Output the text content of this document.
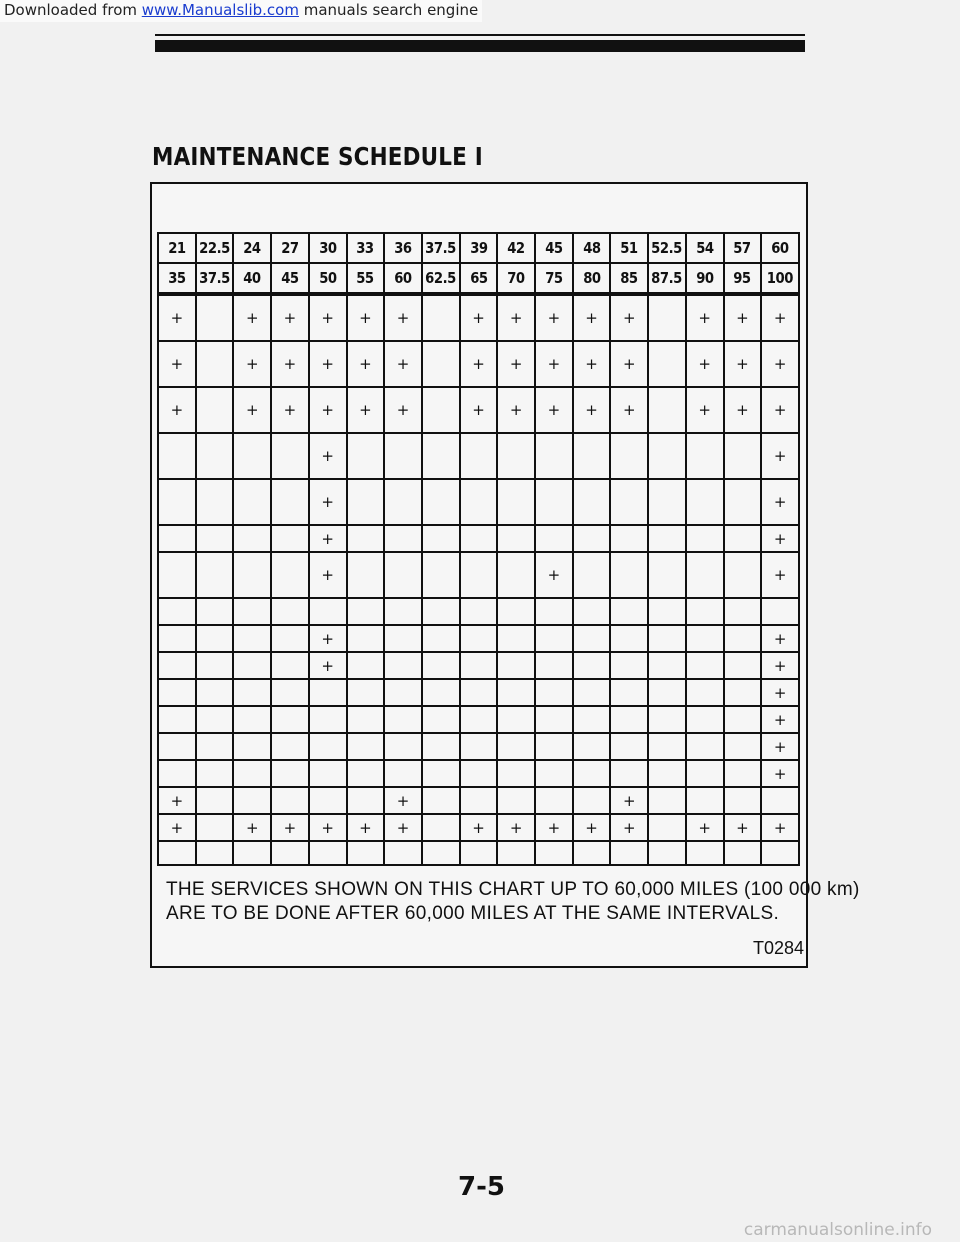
Downloaded from www.Manualslib.com manuals search engine
MAINTENANCE SCHEDULE I
21	22.5	24	27	30	33	36	37.5	39	42	45	48	51	52.5	54	57	60
35	37.5	40	45	50	55	60	62.5	65	70	75	80	85	87.5	90	95	100
+		+	+	+	+	+		+	+	+	+	+		+	+	+
+		+	+	+	+	+		+	+	+	+	+		+	+	+
+		+	+	+	+	+		+	+	+	+	+		+	+	+
				+												+
				+												+
				+												+
				+						+						+

				+												+
				+												+
																+
																+
																+
																+
+						+						+				
+		+	+	+	+	+		+	+	+	+	+		+	+	+

THE SERVICES SHOWN ON THIS CHART UP TO 60,000 MILES (100 000 km)
ARE TO BE DONE AFTER 60,000 MILES AT THE SAME INTERVALS.
T0284
7-5
carmanualsonline.info
